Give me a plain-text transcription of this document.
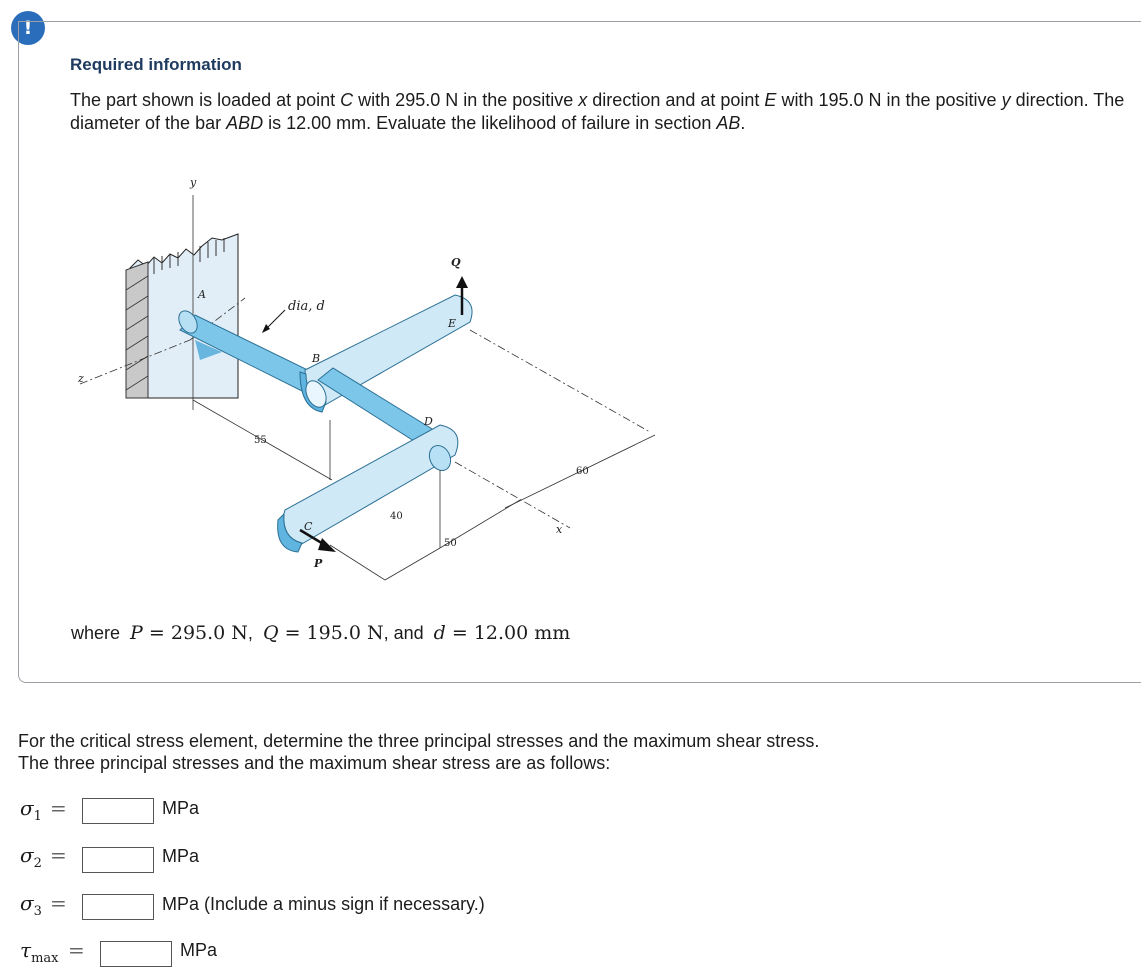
!
Required information
The part shown is loaded at point C with 295.0 N in the positive x direction and at point E with 195.0 N in the positive y direction. The diameter of the bar ABD is 12.00 mm. Evaluate the likelihood of failure in section AB.
y
z
x
A
B
C
D
E
Q
P
dia, d
55
40
50
60
where P = 295.0 N,  Q = 195.0 N, and d = 12.00 mm
For the critical stress element, determine the three principal stresses and the maximum shear stress.
The three principal stresses and the maximum shear stress are as follows:
$\sigma_1$ =	MPa
$\sigma_2$ =	MPa
$\sigma_3$ =	MPa (Include a minus sign if necessary.)
$\tau_{max}$ =	MPa
